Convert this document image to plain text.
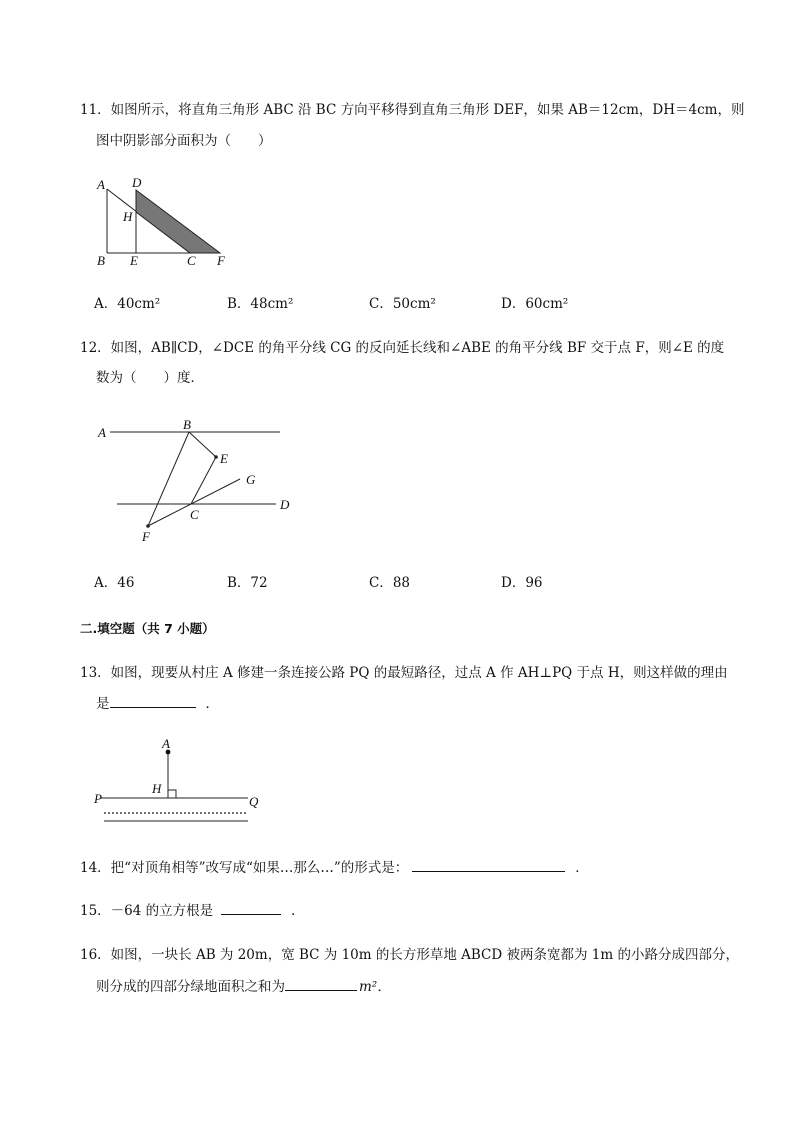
11．如图所示，将直角三角形 ABC 沿 BC 方向平移得到直角三角形 DEF，如果 AB＝12cm，DH＝4cm，则
图中阴影部分面积为（　　）
A D
H
B E	C F
A．40cm²	B．48cm²	C．50cm²	D．60cm²
12．如图，AB∥CD，∠DCE 的角平分线 CG 的反向延长线和∠ABE 的角平分线 BF 交于点 F，则∠E 的度
数为（　　）度．
A
B
E
G
C
D
F
A．46	B．72	C．88	D．96
二.填空题（共 7 小题）
13．如图，现要从村庄 A 修建一条连接公路 PQ 的最短路径，过点 A 作 AH⊥PQ 于点 H，则这样做的理由
是	．
A
H
P	Q
14．把“对顶角相等”改写成“如果…那么…”的形式是：	．
15．－64 的立方根是	．
16．如图，一块长 AB 为 20m，宽 BC 为 10m 的长方形草地 ABCD 被两条宽都为 1m 的小路分成四部分，
则分成的四部分绿地面积之和为	m²．
